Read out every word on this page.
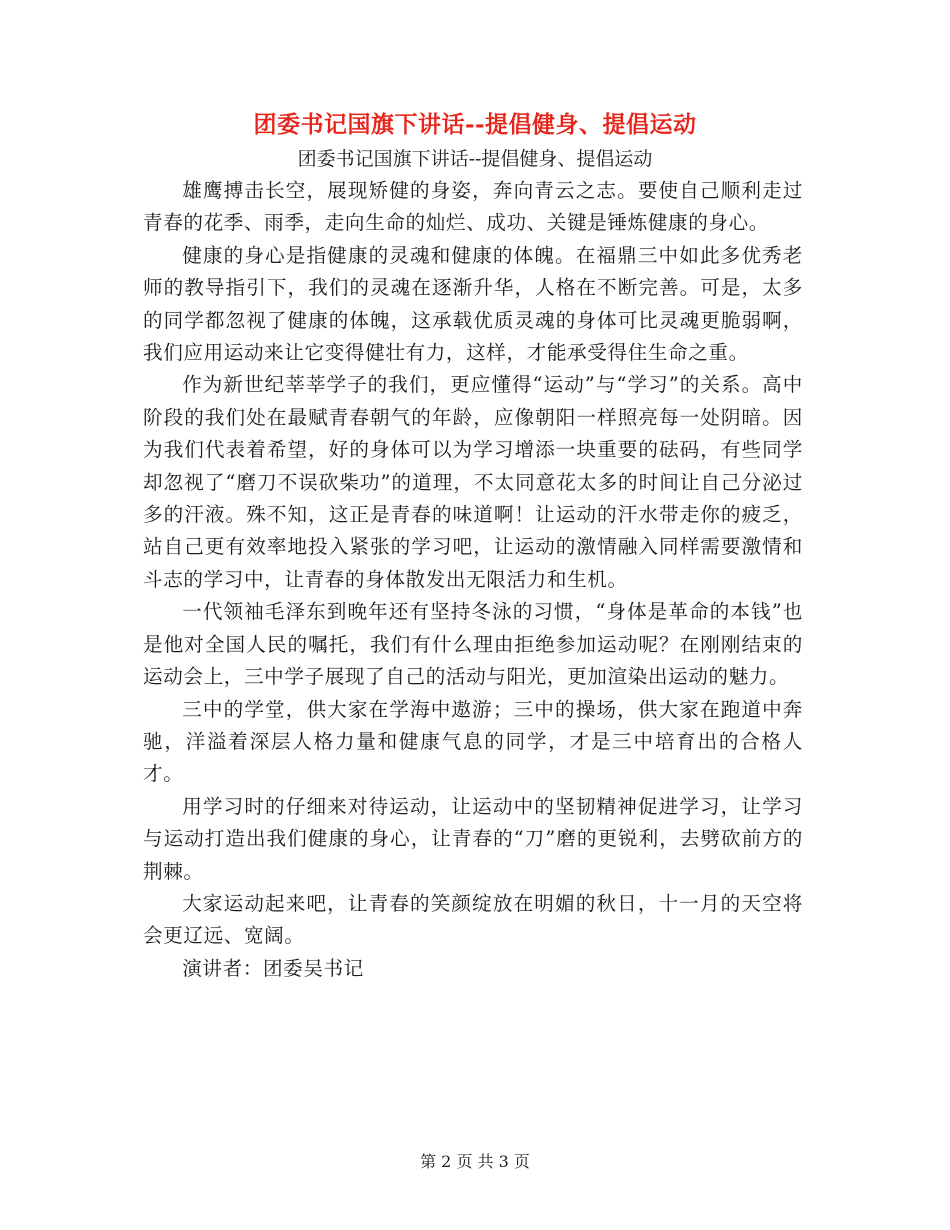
团委书记国旗下讲话--提倡健身、提倡运动
团委书记国旗下讲话--提倡健身、提倡运动

雄鹰搏击长空，展现矫健的身姿，奔向青云之志。要使自己顺利走过青春的花季、雨季，走向生命的灿烂、成功、关键是锤炼健康的身心。

健康的身心是指健康的灵魂和健康的体魄。在福鼎三中如此多优秀老师的教导指引下，我们的灵魂在逐渐升华，人格在不断完善。可是，太多的同学都忽视了健康的体魄，这承载优质灵魂的身体可比灵魂更脆弱啊，我们应用运动来让它变得健壮有力，这样，才能承受得住生命之重。

作为新世纪莘莘学子的我们，更应懂得“运动”与“学习”的关系。高中阶段的我们处在最赋青春朝气的年龄，应像朝阳一样照亮每一处阴暗。因为我们代表着希望，好的身体可以为学习增添一块重要的砝码，有些同学却忽视了“磨刀不误砍柴功”的道理，不太同意花太多的时间让自己分泌过多的汗液。殊不知，这正是青春的味道啊！让运动的汗水带走你的疲乏，站自己更有效率地投入紧张的学习吧，让运动的激情融入同样需要激情和斗志的学习中，让青春的身体散发出无限活力和生机。

一代领袖毛泽东到晚年还有坚持冬泳的习惯，“身体是革命的本钱”也是他对全国人民的嘱托，我们有什么理由拒绝参加运动呢？在刚刚结束的运动会上，三中学子展现了自己的活动与阳光，更加渲染出运动的魅力。

三中的学堂，供大家在学海中遨游；三中的操场，供大家在跑道中奔驰，洋溢着深层人格力量和健康气息的同学，才是三中培育出的合格人才。

用学习时的仔细来对待运动，让运动中的坚韧精神促进学习，让学习与运动打造出我们健康的身心，让青春的“刀”磨的更锐利，去劈砍前方的荆棘。

大家运动起来吧，让青春的笑颜绽放在明媚的秋日，十一月的天空将会更辽远、宽阔。

演讲者：团委吴书记

第 2 页 共 3 页
